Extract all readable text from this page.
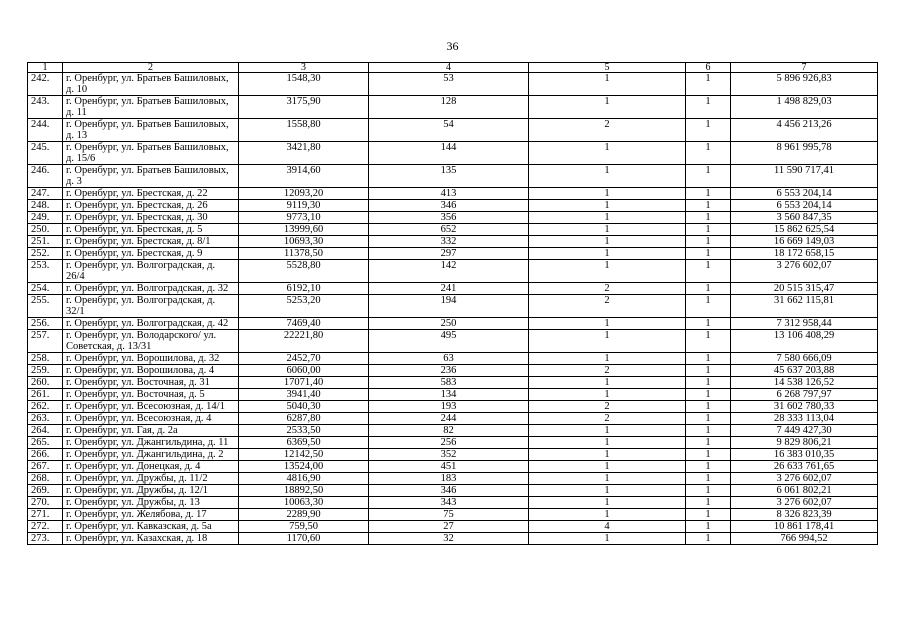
36
1	2	3	4	5	6	7
242.	г. Оренбург, ул. Братьев Башиловых, д. 10	1548,30	53	1	1	5 896 926,83
243.	г. Оренбург, ул. Братьев Башиловых, д. 11	3175,90	128	1	1	1 498 829,03
244.	г. Оренбург, ул. Братьев Башиловых, д. 13	1558,80	54	2	1	4 456 213,26
245.	г. Оренбург, ул. Братьев Башиловых, д. 15/6	3421,80	144	1	1	8 961 995,78
246.	г. Оренбург, ул. Братьев Башиловых, д. 3	3914,60	135	1	1	11 590 717,41
247.	г. Оренбург, ул. Брестская, д. 22	12093,20	413	1	1	6 553 204,14
248.	г. Оренбург, ул. Брестская, д. 26	9119,30	346	1	1	6 553 204,14
249.	г. Оренбург, ул. Брестская, д. 30	9773,10	356	1	1	3 560 847,35
250.	г. Оренбург, ул. Брестская, д. 5	13999,60	652	1	1	15 862 625,54
251.	г. Оренбург, ул. Брестская, д. 8/1	10693,30	332	1	1	16 669 149,03
252.	г. Оренбург, ул. Брестская, д. 9	11378,50	297	1	1	18 172 658,15
253.	г. Оренбург, ул. Волгоградская, д. 26/4	5528,80	142	1	1	3 276 602,07
254.	г. Оренбург, ул. Волгоградская, д. 32	6192,10	241	2	1	20 515 315,47
255.	г. Оренбург, ул. Волгоградская, д. 32/1	5253,20	194	2	1	31 662 115,81
256.	г. Оренбург, ул. Волгоградская, д. 42	7469,40	250	1	1	7 312 958,44
257.	г. Оренбург, ул. Володарского/ ул. Советская, д. 13/31	22221,80	495	1	1	13 106 408,29
258.	г. Оренбург, ул. Ворошилова, д. 32	2452,70	63	1	1	7 580 666,09
259.	г. Оренбург, ул. Ворошилова, д. 4	6060,00	236	2	1	45 637 203,88
260.	г. Оренбург, ул. Восточная, д. 31	17071,40	583	1	1	14 538 126,52
261.	г. Оренбург, ул. Восточная, д. 5	3941,40	134	1	1	6 268 797,97
262.	г. Оренбург, ул. Всесоюзная, д. 14/1	5040,30	193	2	1	31 602 780,33
263.	г. Оренбург, ул. Всесоюзная, д. 4	6287,80	244	2	1	28 333 113,04
264.	г. Оренбург, ул. Гая, д. 2а	2533,50	82	1	1	7 449 427,30
265.	г. Оренбург, ул. Джангильдина, д. 11	6369,50	256	1	1	9 829 806,21
266.	г. Оренбург, ул. Джангильдина, д. 2	12142,50	352	1	1	16 383 010,35
267.	г. Оренбург, ул. Донецкая, д. 4	13524,00	451	1	1	26 633 761,65
268.	г. Оренбург, ул. Дружбы, д. 11/2	4816,90	183	1	1	3 276 602,07
269.	г. Оренбург, ул. Дружбы, д. 12/1	18892,50	346	1	1	6 061 802,21
270.	г. Оренбург, ул. Дружбы, д. 13	10063,30	343	1	1	3 276 602,07
271.	г. Оренбург, ул. Желябова, д. 17	2289,90	75	1	1	8 326 823,39
272.	г. Оренбург, ул. Кавказская, д. 5а	759,50	27	4	1	10 861 178,41
273.	г. Оренбург, ул. Казахская, д. 18	1170,60	32	1	1	766 994,52
